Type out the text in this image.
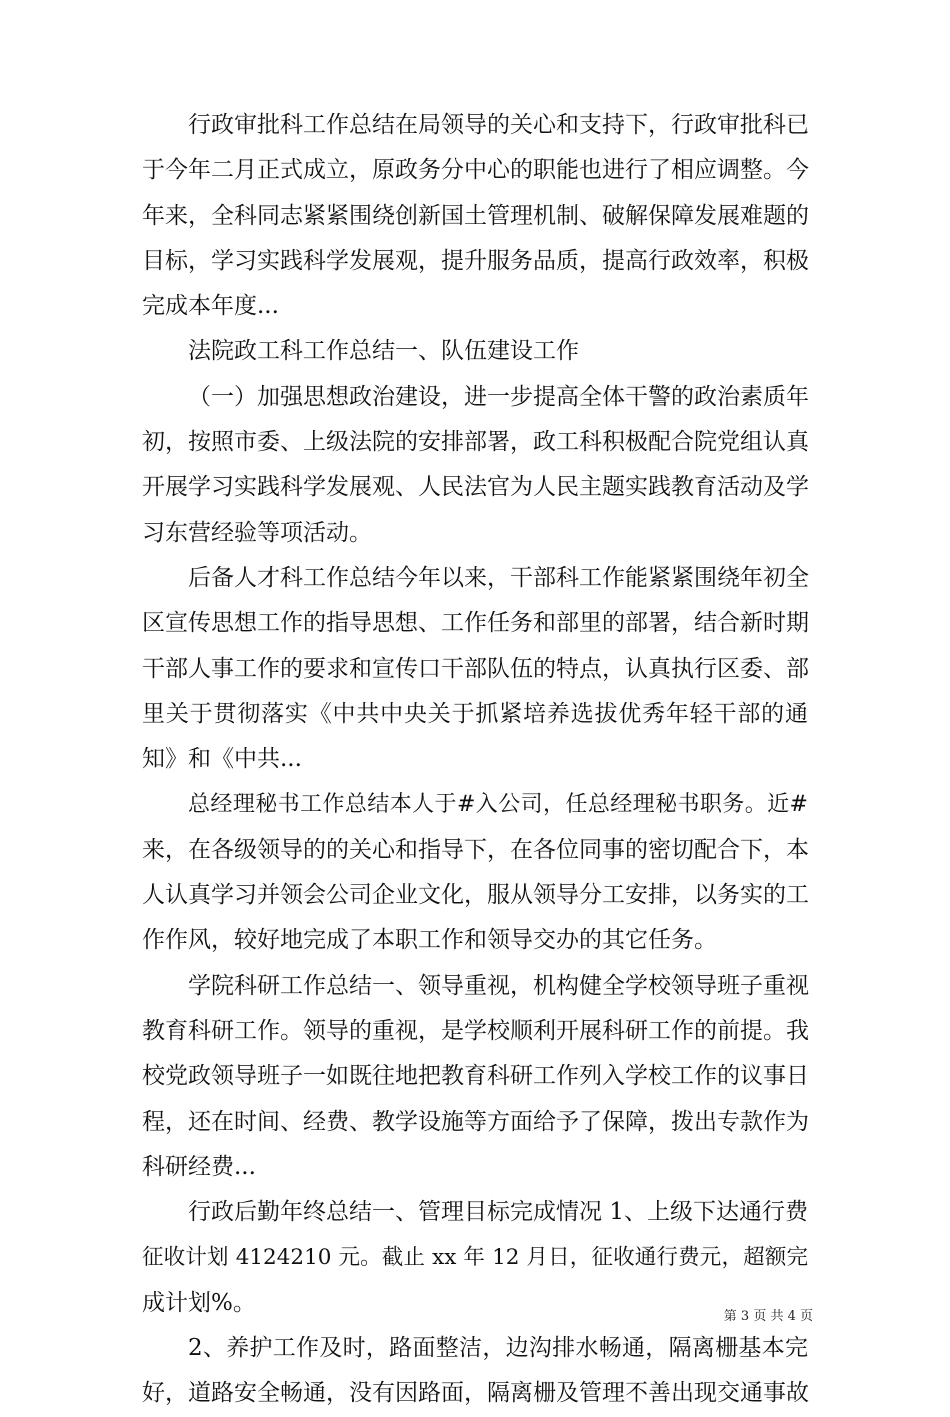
行政审批科工作总结在局领导的关心和支持下，行政审批科已
于今年二月正式成立，原政务分中心的职能也进行了相应调整。今
年来，全科同志紧紧围绕创新国土管理机制、破解保障发展难题的
目标，学习实践科学发展观，提升服务品质，提高行政效率，积极
完成本年度...
法院政工科工作总结一、队伍建设工作
（一）加强思想政治建设，进一步提高全体干警的政治素质年
初，按照市委、上级法院的安排部署，政工科积极配合院党组认真
开展学习实践科学发展观、人民法官为人民主题实践教育活动及学
习东营经验等项活动。
后备人才科工作总结今年以来，干部科工作能紧紧围绕年初全
区宣传思想工作的指导思想、工作任务和部里的部署，结合新时期
干部人事工作的要求和宣传口干部队伍的特点，认真执行区委、部
里关于贯彻落实《中共中央关于抓紧培养选拔优秀年轻干部的通
知》和《中共...
总经理秘书工作总结本人于#入公司，任总经理秘书职务。近#
来，在各级领导的的关心和指导下，在各位同事的密切配合下，本
人认真学习并领会公司企业文化，服从领导分工安排，以务实的工
作作风，较好地完成了本职工作和领导交办的其它任务。
学院科研工作总结一、领导重视，机构健全学校领导班子重视
教育科研工作。领导的重视，是学校顺利开展科研工作的前提。我
校党政领导班子一如既往地把教育科研工作列入学校工作的议事日
程，还在时间、经费、教学设施等方面给予了保障，拨出专款作为
科研经费...
行政后勤年终总结一、管理目标完成情况 1、上级下达通行费
征收计划 4124210 元。截止 xx 年 12 月日，征收通行费元，超额完
成计划%。
2、养护工作及时，路面整洁，边沟排水畅通，隔离栅基本完
好，道路安全畅通，没有因路面，隔离栅及管理不善出现交通事故
第 3 页 共 4 页
